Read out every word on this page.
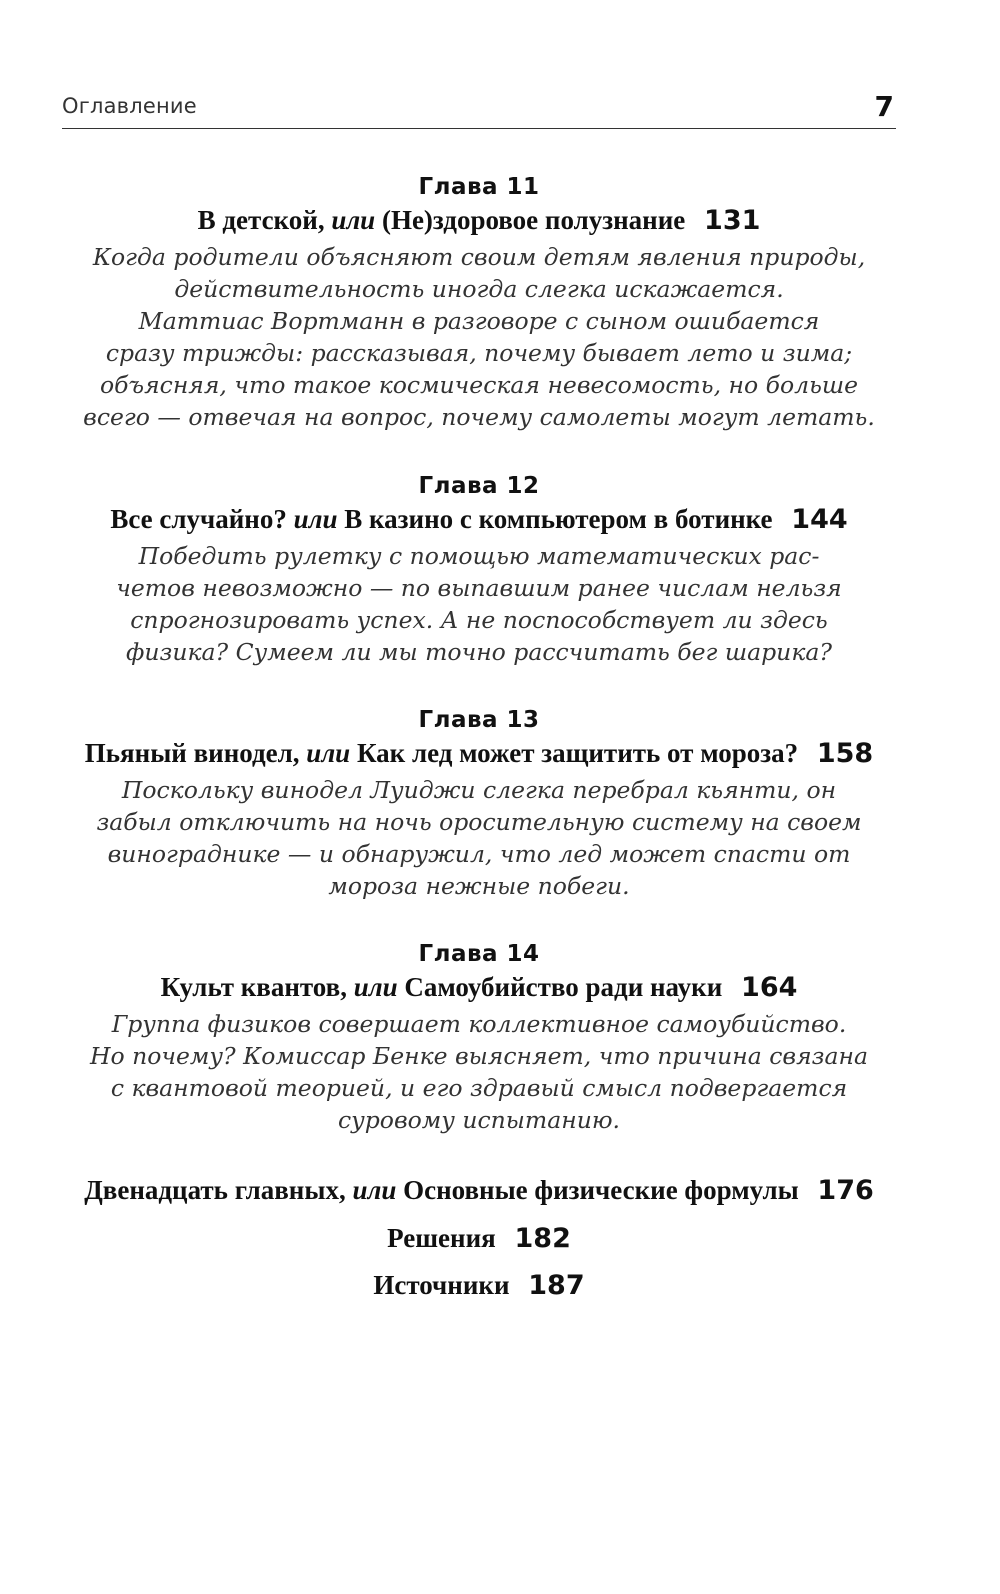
Оглавление	7
Глава 11
В детской, или (Не)здоровое полузнание 131
Когда родители объясняют своим детям явления природы,
действительность иногда слегка искажается.
Маттиас Вортманн в разговоре с сыном ошибается
сразу трижды: рассказывая, почему бывает лето и зима;
объясняя, что такое космическая невесомость, но больше
всего — отвечая на вопрос, почему самолеты могут летать.
Глава 12
Все случайно? или В казино с компьютером в ботинке 144
Победить рулетку с помощью математических рас-
четов невозможно — по выпавшим ранее числам нельзя
спрогнозировать успех. А не поспособствует ли здесь
физика? Сумеем ли мы точно рассчитать бег шарика?
Глава 13
Пьяный винодел, или Как лед может защитить от мороза? 158
Поскольку винодел Луиджи слегка перебрал кьянти, он
забыл отключить на ночь оросительную систему на своем
винограднике — и обнаружил, что лед может спасти от
мороза нежные побеги.
Глава 14
Культ квантов, или Самоубийство ради науки 164
Группа физиков совершает коллективное самоубийство.
Но почему? Комиссар Бенке выясняет, что причина связана
с квантовой теорией, и его здравый смысл подвергается
суровому испытанию.
Двенадцать главных, или Основные физические формулы 176
Решения 182
Источники 187
